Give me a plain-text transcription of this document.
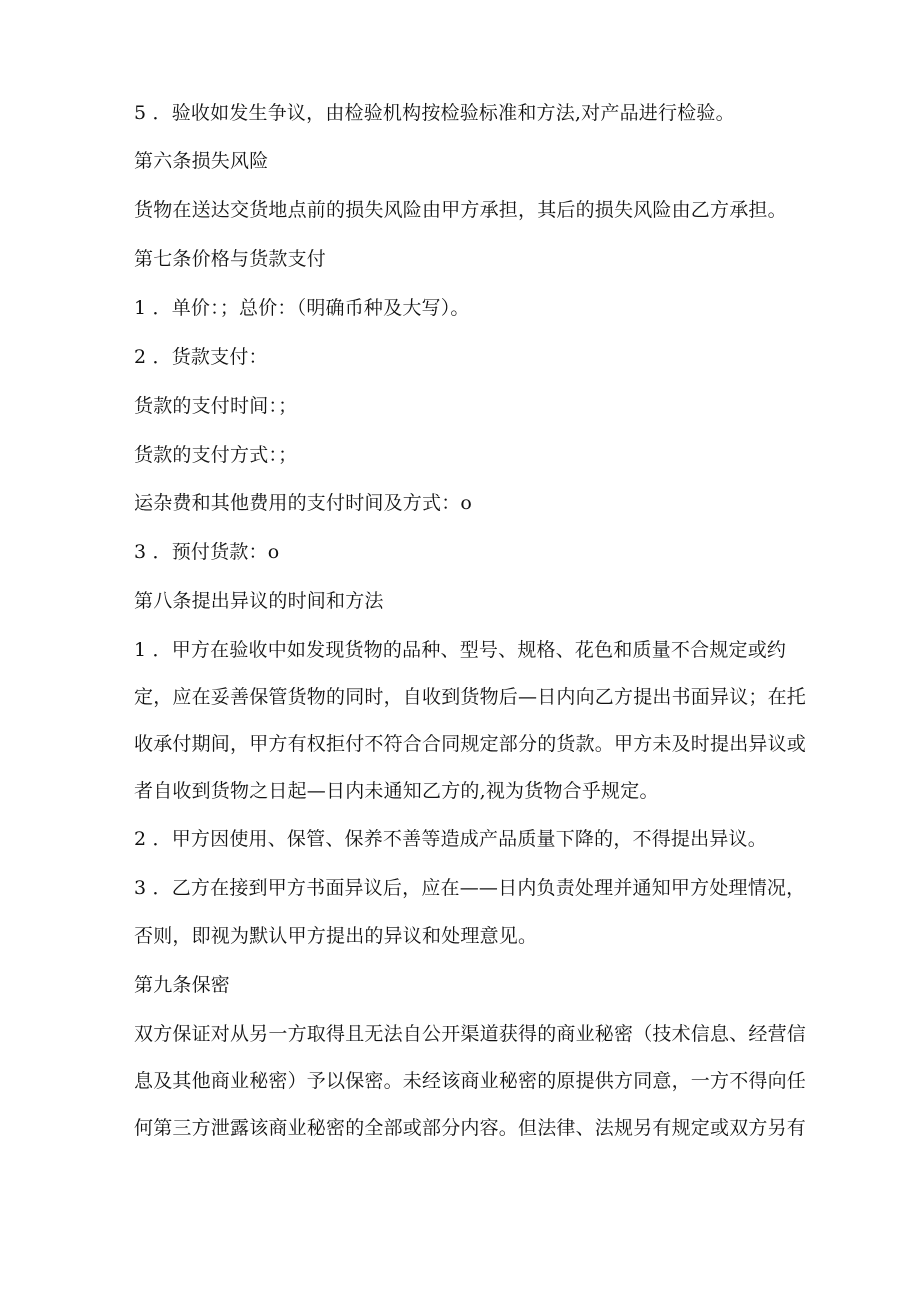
5 ．验收如发生争议，由检验机构按检验标准和方法,对产品进行检验。
第六条损失风险
货物在送达交货地点前的损失风险由甲方承担，其后的损失风险由乙方承担。
第七条价格与货款支付
1 ．单价：；总价：（明确币种及大写）。
2 ．货款支付：
货款的支付时间：；
货款的支付方式：；
运杂费和其他费用的支付时间及方式：o
3 ．预付货款：o
第八条提出异议的时间和方法
1 ．甲方在验收中如发现货物的品种、型号、规格、花色和质量不合规定或约
定，应在妥善保管货物的同时，自收到货物后—日内向乙方提出书面异议；在托
收承付期间，甲方有权拒付不符合合同规定部分的货款。甲方未及时提出异议或
者自收到货物之日起—日内未通知乙方的,视为货物合乎规定。
2 ．甲方因使用、保管、保养不善等造成产品质量下降的，不得提出异议。
3 ．乙方在接到甲方书面异议后，应在——日内负责处理并通知甲方处理情况，
否则，即视为默认甲方提出的异议和处理意见。
第九条保密
双方保证对从另一方取得且无法自公开渠道获得的商业秘密（技术信息、经营信
息及其他商业秘密）予以保密。未经该商业秘密的原提供方同意，一方不得向任
何第三方泄露该商业秘密的全部或部分内容。但法律、法规另有规定或双方另有
